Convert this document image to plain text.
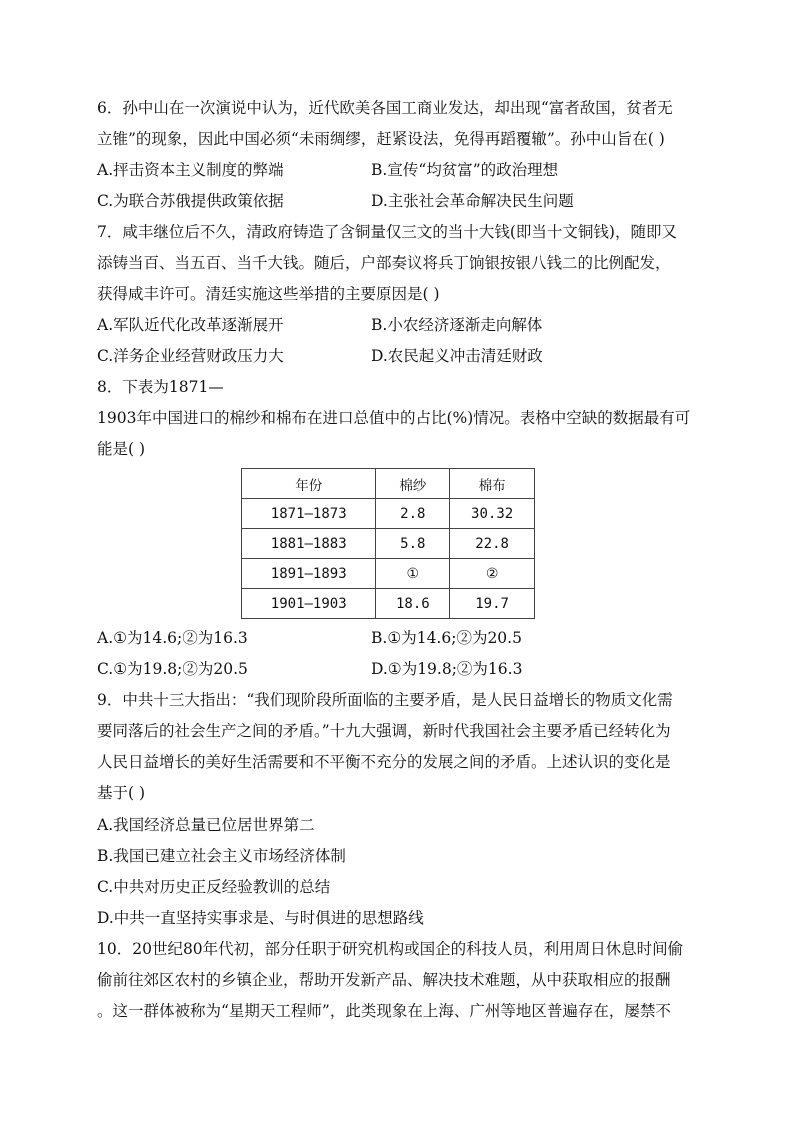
6．孙中山在一次演说中认为，近代欧美各国工商业发达，却出现“富者敌国，贫者无
立锥”的现象，因此中国必须“未雨绸缪，赶紧设法，免得再蹈覆辙”。孙中山旨在( )
A.抨击资本主义制度的弊端	B.宣传“均贫富”的政治理想
C.为联合苏俄提供政策依据	D.主张社会革命解决民生问题
7．咸丰继位后不久，清政府铸造了含铜量仅三文的当十大钱(即当十文铜钱)，随即又
添铸当百、当五百、当千大钱。随后，户部奏议将兵丁饷银按银八钱二的比例配发，
获得咸丰许可。清廷实施这些举措的主要原因是( )
A.军队近代化改革逐渐展开	B.小农经济逐渐走向解体
C.洋务企业经营财政压力大	D.农民起义冲击清廷财政
8．下表为1871—
1903年中国进口的棉纱和棉布在进口总值中的占比(%)情况。表格中空缺的数据最有可
能是( )
年份	棉纱	棉布
1871—1873	2.8	30.32
1881—1883	5.8	22.8
1891—1893	①	②
1901—1903	18.6	19.7
A.①为14.6;②为16.3	B.①为14.6;②为20.5
C.①为19.8;②为20.5	D.①为19.8;②为16.3
9．中共十三大指出：“我们现阶段所面临的主要矛盾，是人民日益增长的物质文化需
要同落后的社会生产之间的矛盾。”十九大强调，新时代我国社会主要矛盾已经转化为
人民日益增长的美好生活需要和不平衡不充分的发展之间的矛盾。上述认识的变化是
基于( )
A.我国经济总量已位居世界第二
B.我国已建立社会主义市场经济体制
C.中共对历史正反经验教训的总结
D.中共一直坚持实事求是、与时俱进的思想路线
10．20世纪80年代初，部分任职于研究机构或国企的科技人员，利用周日休息时间偷
偷前往郊区农村的乡镇企业，帮助开发新产品、解决技术难题，从中获取相应的报酬
。这一群体被称为“星期天工程师”，此类现象在上海、广州等地区普遍存在，屡禁不
